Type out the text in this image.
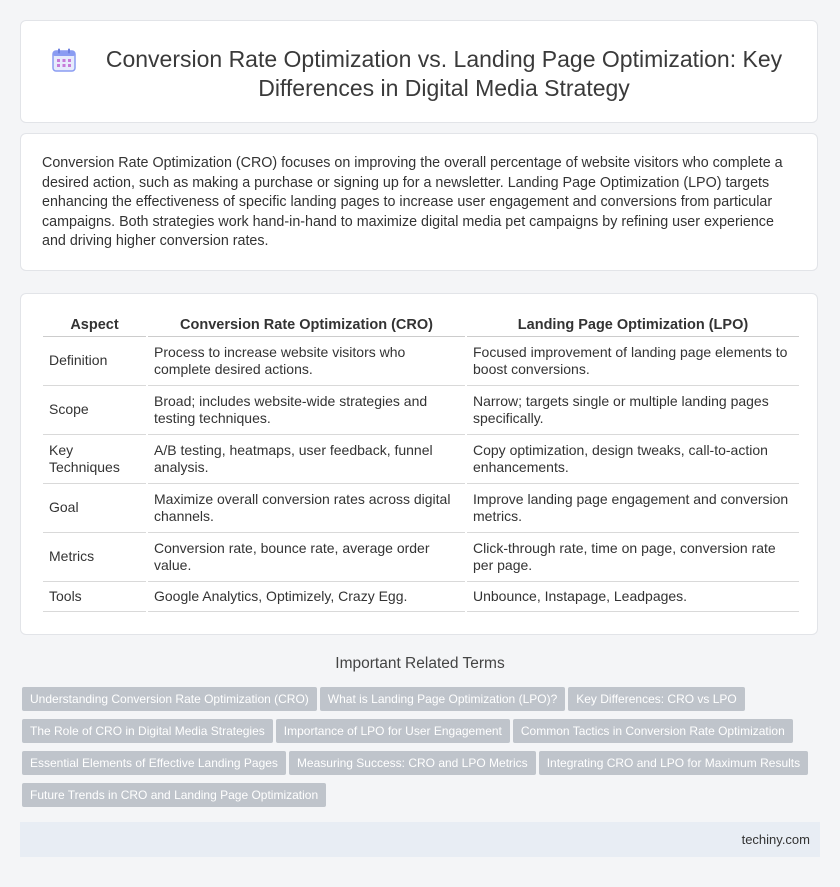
Conversion Rate Optimization vs. Landing Page Optimization: Key Differences in Digital Media Strategy

Conversion Rate Optimization (CRO) focuses on improving the overall percentage of website visitors who complete a desired action, such as making a purchase or signing up for a newsletter. Landing Page Optimization (LPO) targets enhancing the effectiveness of specific landing pages to increase user engagement and conversions from particular campaigns. Both strategies work hand-in-hand to maximize digital media pet campaigns by refining user experience and driving higher conversion rates.

Aspect	Conversion Rate Optimization (CRO)	Landing Page Optimization (LPO)
Definition	Process to increase website visitors who complete desired actions.	Focused improvement of landing page elements to boost conversions.
Scope	Broad; includes website-wide strategies and testing techniques.	Narrow; targets single or multiple landing pages specifically.
Key Techniques	A/B testing, heatmaps, user feedback, funnel analysis.	Copy optimization, design tweaks, call-to-action enhancements.
Goal	Maximize overall conversion rates across digital channels.	Improve landing page engagement and conversion metrics.
Metrics	Conversion rate, bounce rate, average order value.	Click-through rate, time on page, conversion rate per page.
Tools	Google Analytics, Optimizely, Crazy Egg.	Unbounce, Instapage, Leadpages.
Important Related Terms
Understanding Conversion Rate Optimization (CRO) What is Landing Page Optimization (LPO)? Key Differences: CRO vs LPO
The Role of CRO in Digital Media Strategies Importance of LPO for User Engagement Common Tactics in Conversion Rate Optimization
Essential Elements of Effective Landing Pages Measuring Success: CRO and LPO Metrics Integrating CRO and LPO for Maximum Results
Future Trends in CRO and Landing Page Optimization
techiny.com
